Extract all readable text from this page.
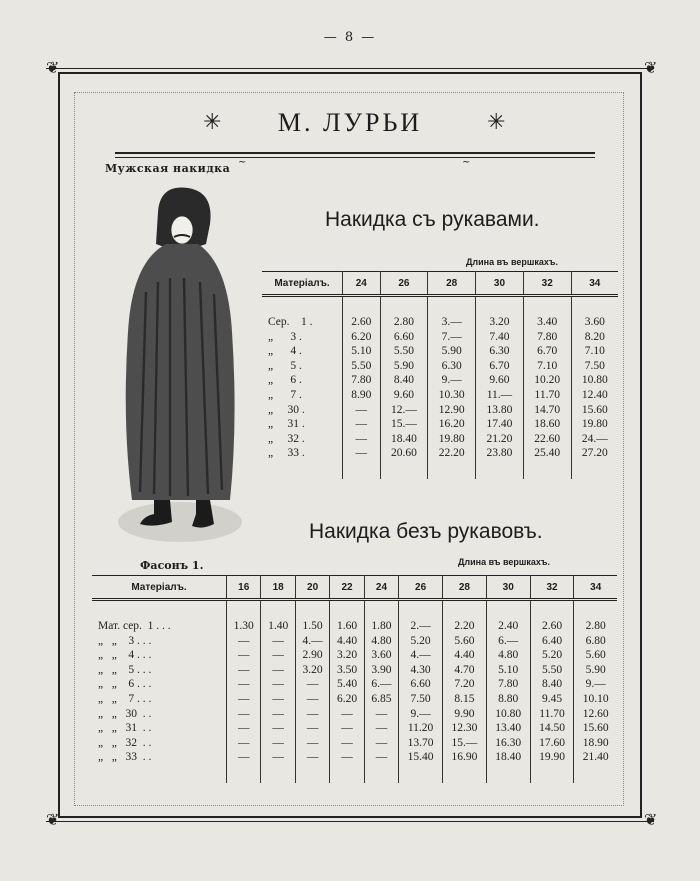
— 8 —
❦	❦
❦	❦
✳	✳
М. ЛУРЬИ
~	~
Мужская накидка
Фасонъ 1.
Накидка съ рукавами.
Длина въ вершкахъ.
Матеріалъ.	24	26	28	30	32	34

Сер.    1 .	2.60	2.80	3.—	3.20	3.40	3.60
„      3 .	6.20	6.60	7.—	7.40	7.80	8.20
„      4 .	5.10	5.50	5.90	6.30	6.70	7.10
„      5 .	5.50	5.90	6.30	6.70	7.10	7.50
„      6 .	7.80	8.40	9.—	9.60	10.20	10.80
„      7 .	8.90	9.60	10.30	11.—	11.70	12.40
„     30 .	—	12.—	12.90	13.80	14.70	15.60
„     31 .	—	15.—	16.20	17.40	18.60	19.80
„     32 .	—	18.40	19.80	21.20	22.60	24.—
„     33 .	—	20.60	22.20	23.80	25.40	27.20

Накидка безъ рукавовъ.
Длина въ вершкахъ.
Матеріалъ.	16	18	20	22	24	26	28	30	32	34

Мат. сер.  1 . . .	1.30	1.40	1.50	1.60	1.80	2.—	2.20	2.40	2.60	2.80
„   „    3 . . .	—	—	4.—	4.40	4.80	5.20	5.60	6.—	6.40	6.80
„   „    4 . . .	—	—	2.90	3.20	3.60	4.—	4.40	4.80	5.20	5.60
„   „    5 . . .	—	—	3.20	3.50	3.90	4.30	4.70	5.10	5.50	5.90
„   „    6 . . .	—	—	—	5.40	6.—	6.60	7.20	7.80	8.40	9.—
„   „    7 . . .	—	—	—	6.20	6.85	7.50	8.15	8.80	9.45	10.10
„   „   30  . .	—	—	—	—	—	9.—	9.90	10.80	11.70	12.60
„   „   31  . .	—	—	—	—	—	11.20	12.30	13.40	14.50	15.60
„   „   32  . .	—	—	—	—	—	13.70	15.—	16.30	17.60	18.90
„   „   33  . .	—	—	—	—	—	15.40	16.90	18.40	19.90	21.40
